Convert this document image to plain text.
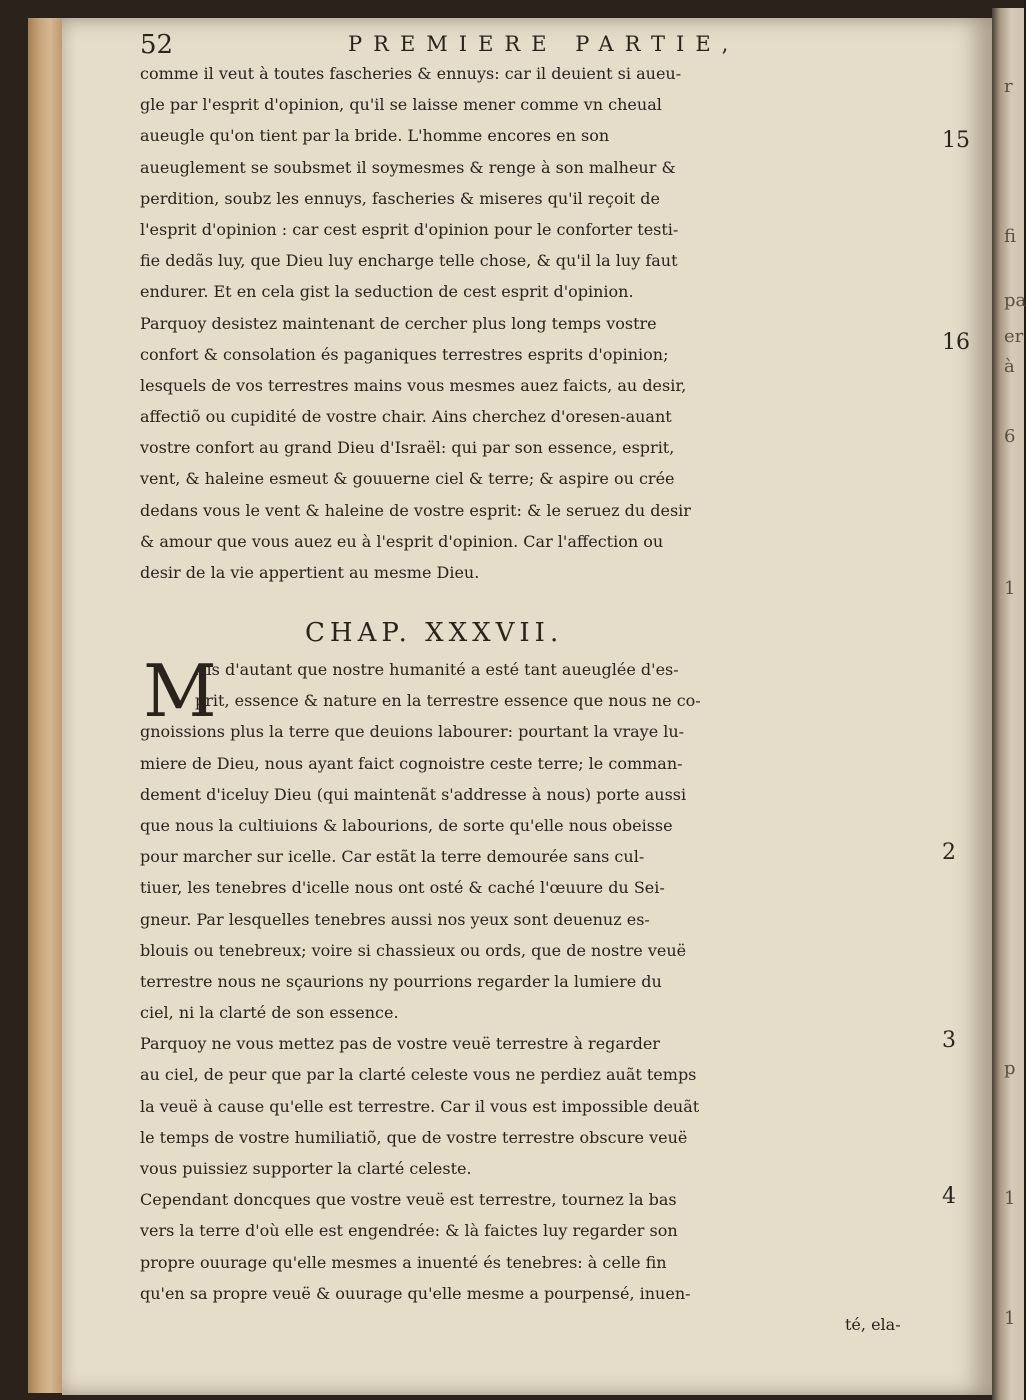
r
fi
pa
er
à
6
1
p
1
1
52	PREMIERE PARTIE,
comme il veut à toutes fascheries & ennuys: car il deuient si aueu-
gle par l'esprit d'opinion, qu'il se laisse mener comme vn cheual
aueugle qu'on tient par la bride. L'homme encores en son
aueuglement se soubsmet il soymesmes & renge à son malheur &
perdition, soubz les ennuys, fascheries & miseres qu'il reçoit de
l'esprit d'opinion : car cest esprit d'opinion pour le conforter testi-
fie dedãs luy, que Dieu luy encharge telle chose, & qu'il la luy faut
endurer. Et en cela gist la seduction de cest esprit d'opinion.
Parquoy desistez maintenant de cercher plus long temps vostre
confort & consolation és paganiques terrestres esprits d'opinion;
lesquels de vos terrestres mains vous mesmes auez faicts, au desir,
affectiõ ou cupidité de vostre chair. Ains cherchez d'oresen-auant
vostre confort au grand Dieu d'Israël: qui par son essence, esprit,
vent, & haleine esmeut & gouuerne ciel & terre; & aspire ou crée
dedans vous le vent & haleine de vostre esprit: & le seruez du desir
& amour que vous auez eu à l'esprit d'opinion. Car l'affection ou
desir de la vie appertient au mesme Dieu.
CHAP. XXXVII.
M
Ais d'autant que nostre humanité a esté tant aueuglée d'es-
prit, essence & nature en la terrestre essence que nous ne co-
gnoissions plus la terre que deuions labourer: pourtant la vraye lu-
miere de Dieu, nous ayant faict cognoistre ceste terre; le comman-
dement d'iceluy Dieu (qui maintenãt s'addresse à nous) porte aussi
que nous la cultiuions & labourions, de sorte qu'elle nous obeisse
pour marcher sur icelle. Car estãt la terre demourée sans cul-
tiuer, les tenebres d'icelle nous ont osté & caché l'œuure du Sei-
gneur. Par lesquelles tenebres aussi nos yeux sont deuenuz es-
blouis ou tenebreux; voire si chassieux ou ords, que de nostre veuë
terrestre nous ne sçaurions ny pourrions regarder la lumiere du
ciel, ni la clarté de son essence.
Parquoy ne vous mettez pas de vostre veuë terrestre à regarder
au ciel, de peur que par la clarté celeste vous ne perdiez auãt temps
la veuë à cause qu'elle est terrestre. Car il vous est impossible deuãt
le temps de vostre humiliatiõ, que de vostre terrestre obscure veuë
vous puissiez supporter la clarté celeste.
Cependant doncques que vostre veuë est terrestre, tournez la bas
vers la terre d'où elle est engendrée: & là faictes luy regarder son
propre ouurage qu'elle mesmes a inuenté és tenebres: à celle fin
qu'en sa propre veuë & ouurage qu'elle mesme a pourpensé, inuen-
té, ela-
15
16
2
3
4
